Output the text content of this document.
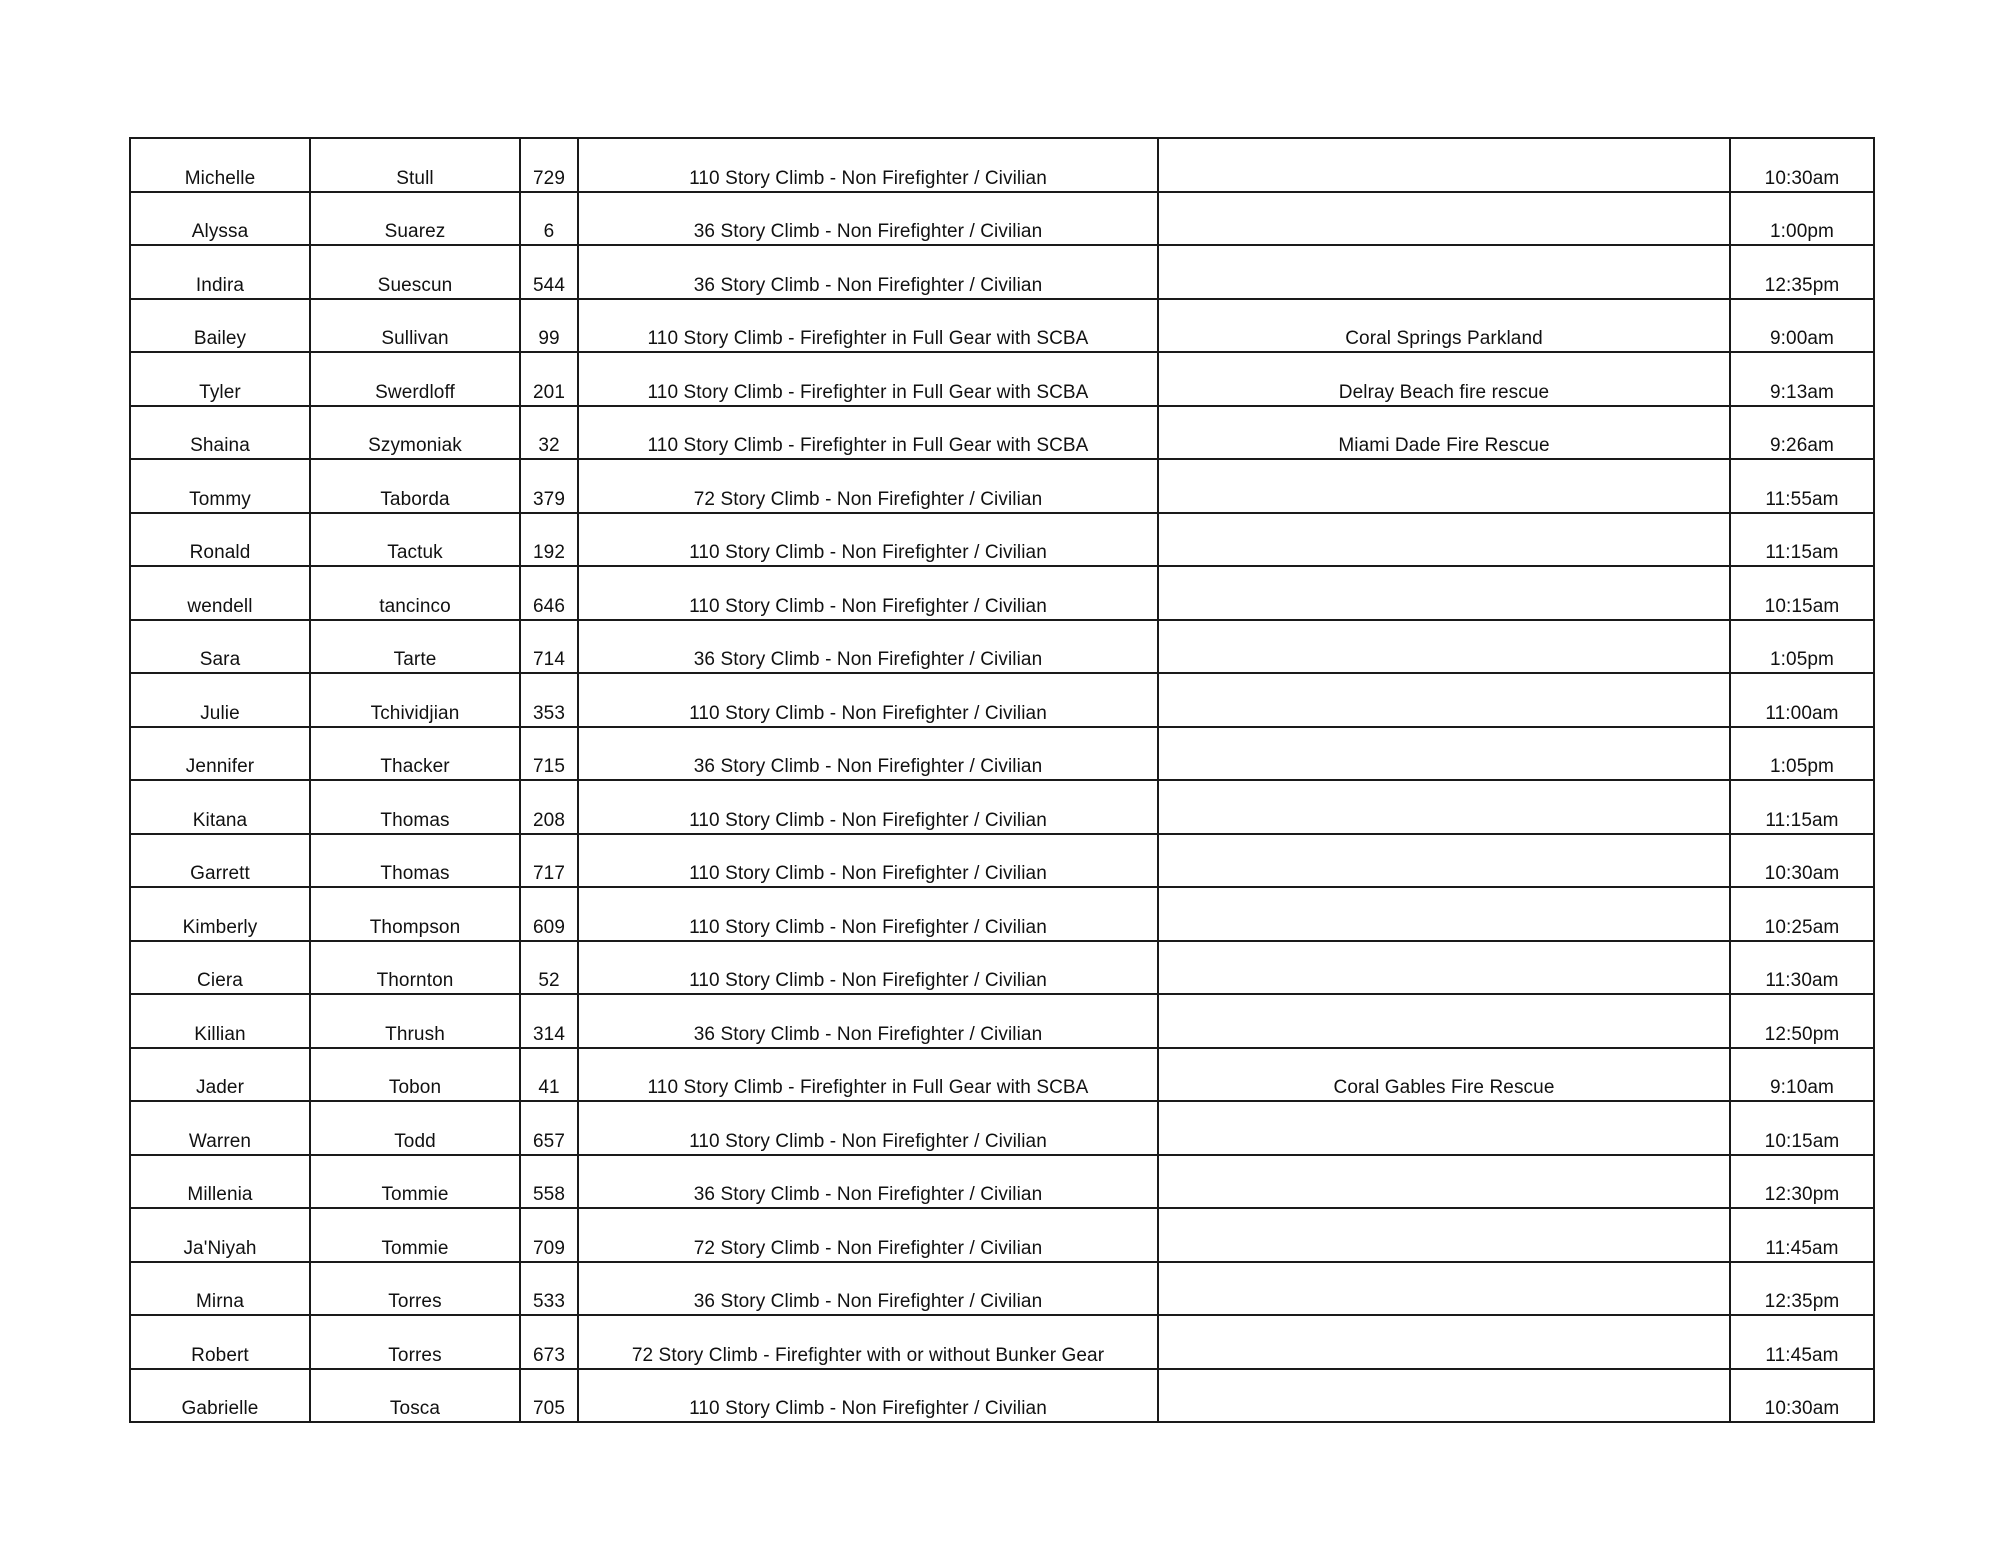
Michelle	Stull	729	110 Story Climb - Non Firefighter / Civilian		10:30am
Alyssa	Suarez	6	36 Story Climb - Non Firefighter / Civilian		1:00pm
Indira	Suescun	544	36 Story Climb - Non Firefighter / Civilian		12:35pm
Bailey	Sullivan	99	110 Story Climb - Firefighter in Full Gear with SCBA	Coral Springs Parkland	9:00am
Tyler	Swerdloff	201	110 Story Climb - Firefighter in Full Gear with SCBA	Delray Beach fire rescue	9:13am
Shaina	Szymoniak	32	110 Story Climb - Firefighter in Full Gear with SCBA	Miami Dade Fire Rescue	9:26am
Tommy	Taborda	379	72 Story Climb - Non Firefighter / Civilian		11:55am
Ronald	Tactuk	192	110 Story Climb - Non Firefighter / Civilian		11:15am
wendell	tancinco	646	110 Story Climb - Non Firefighter / Civilian		10:15am
Sara	Tarte	714	36 Story Climb - Non Firefighter / Civilian		1:05pm
Julie	Tchividjian	353	110 Story Climb - Non Firefighter / Civilian		11:00am
Jennifer	Thacker	715	36 Story Climb - Non Firefighter / Civilian		1:05pm
Kitana	Thomas	208	110 Story Climb - Non Firefighter / Civilian		11:15am
Garrett	Thomas	717	110 Story Climb - Non Firefighter / Civilian		10:30am
Kimberly	Thompson	609	110 Story Climb - Non Firefighter / Civilian		10:25am
Ciera	Thornton	52	110 Story Climb - Non Firefighter / Civilian		11:30am
Killian	Thrush	314	36 Story Climb - Non Firefighter / Civilian		12:50pm
Jader	Tobon	41	110 Story Climb - Firefighter in Full Gear with SCBA	Coral Gables Fire Rescue	9:10am
Warren	Todd	657	110 Story Climb - Non Firefighter / Civilian		10:15am
Millenia	Tommie	558	36 Story Climb - Non Firefighter / Civilian		12:30pm
Ja'Niyah	Tommie	709	72 Story Climb - Non Firefighter / Civilian		11:45am
Mirna	Torres	533	36 Story Climb - Non Firefighter / Civilian		12:35pm
Robert	Torres	673	72 Story Climb - Firefighter with or without Bunker Gear		11:45am
Gabrielle	Tosca	705	110 Story Climb - Non Firefighter / Civilian		10:30am
